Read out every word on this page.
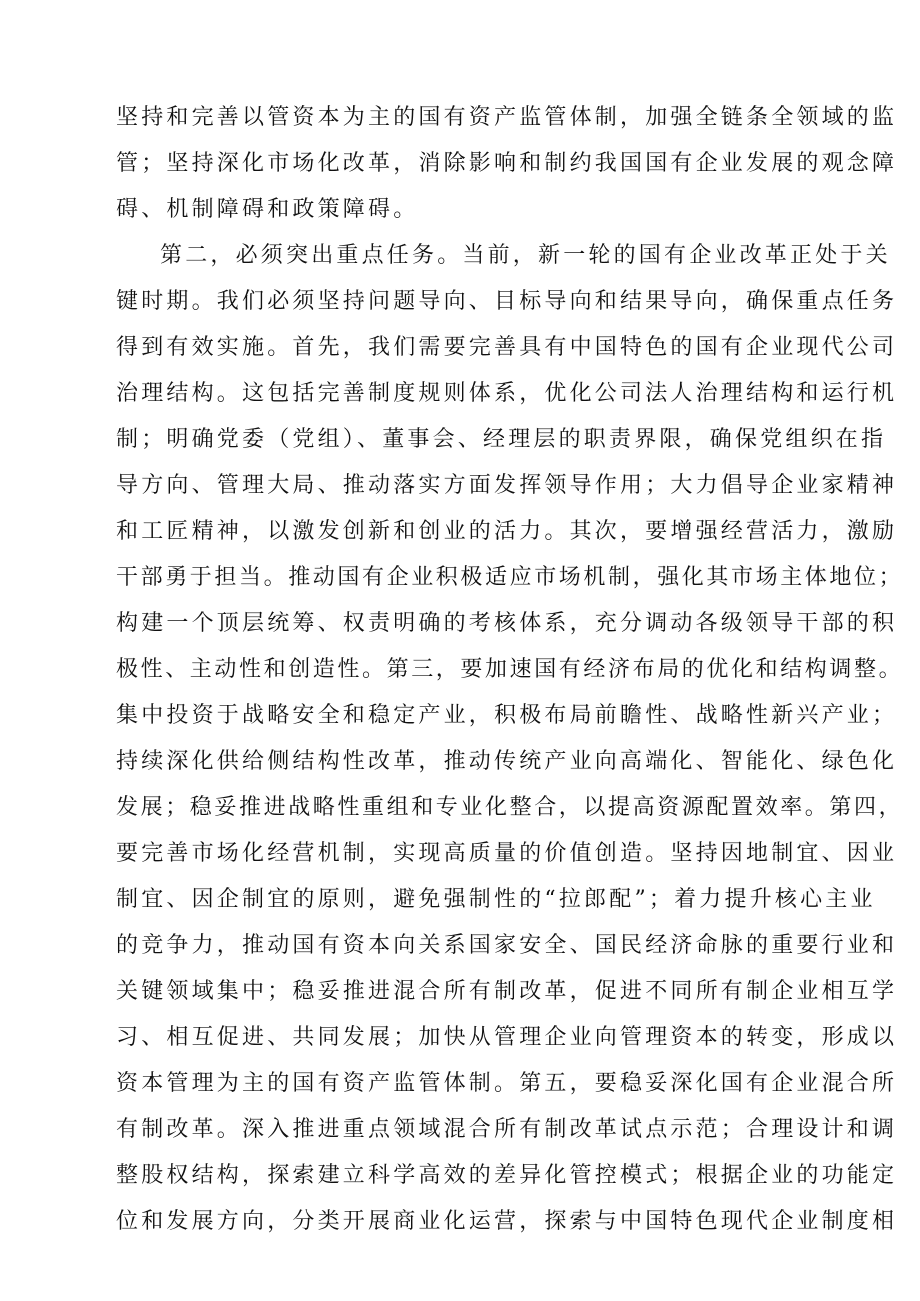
坚持和完善以管资本为主的国有资产监管体制，加强全链条全领域的监

管；坚持深化市场化改革，消除影响和制约我国国有企业发展的观念障

碍、机制障碍和政策障碍。

第二，必须突出重点任务。当前，新一轮的国有企业改革正处于关

键时期。我们必须坚持问题导向、目标导向和结果导向，确保重点任务

得到有效实施。首先，我们需要完善具有中国特色的国有企业现代公司

治理结构。这包括完善制度规则体系，优化公司法人治理结构和运行机

制；明确党委（党组）、董事会、经理层的职责界限，确保党组织在指

导方向、管理大局、推动落实方面发挥领导作用；大力倡导企业家精神

和工匠精神，以激发创新和创业的活力。其次，要增强经营活力，激励

干部勇于担当。推动国有企业积极适应市场机制，强化其市场主体地位；

构建一个顶层统筹、权责明确的考核体系，充分调动各级领导干部的积

极性、主动性和创造性。第三，要加速国有经济布局的优化和结构调整。

集中投资于战略安全和稳定产业，积极布局前瞻性、战略性新兴产业；

持续深化供给侧结构性改革，推动传统产业向高端化、智能化、绿色化

发展；稳妥推进战略性重组和专业化整合，以提高资源配置效率。第四，

要完善市场化经营机制，实现高质量的价值创造。坚持因地制宜、因业

制宜、因企制宜的原则，避免强制性的“拉郎配”；着力提升核心主业

的竞争力，推动国有资本向关系国家安全、国民经济命脉的重要行业和

关键领域集中；稳妥推进混合所有制改革，促进不同所有制企业相互学

习、相互促进、共同发展；加快从管理企业向管理资本的转变，形成以

资本管理为主的国有资产监管体制。第五，要稳妥深化国有企业混合所

有制改革。深入推进重点领域混合所有制改革试点示范；合理设计和调

整股权结构，探索建立科学高效的差异化管控模式；根据企业的功能定

位和发展方向，分类开展商业化运营，探索与中国特色现代企业制度相
